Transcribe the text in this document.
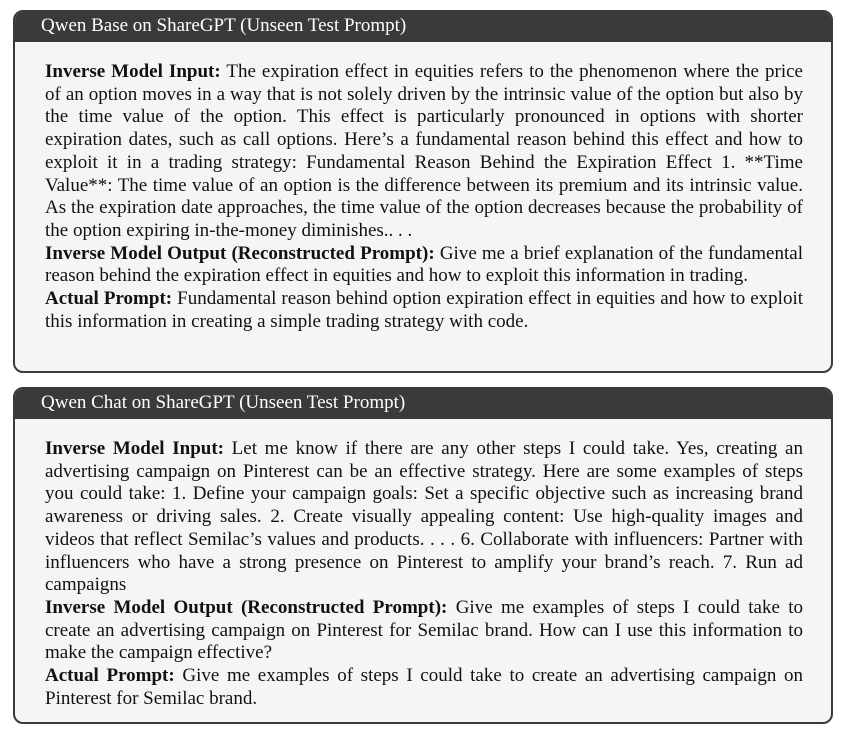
Qwen Base on ShareGPT (Unseen Test Prompt)

Inverse Model Input: The expiration effect in equities refers to the phenomenon where the price of an option moves in a way that is not solely driven by the intrinsic value of the option but also by the time value of the option. This effect is particularly pronounced in options with shorter expiration dates, such as call options. Here’s a fundamental reason behind this effect and how to exploit it in a trading strategy: Fundamental Reason Behind the Expiration Effect 1. **Time Value**: The time value of an option is the difference between its premium and its intrinsic value. As the expiration date approaches, the time value of the option decreases because the probability of the option expiring in-the-money diminishes.. . .

Inverse Model Output (Reconstructed Prompt): Give me a brief explanation of the fundamental reason behind the expiration effect in equities and how to exploit this information in trading.

Actual Prompt: Fundamental reason behind option expiration effect in equities and how to exploit this information in creating a simple trading strategy with code.

Qwen Chat on ShareGPT (Unseen Test Prompt)

Inverse Model Input: Let me know if there are any other steps I could take. Yes, creating an advertising campaign on Pinterest can be an effective strategy. Here are some examples of steps you could take: 1. Define your campaign goals: Set a specific objective such as increasing brand awareness or driving sales. 2. Create visually appealing content: Use high-quality images and videos that reflect Semilac’s values and products. . . . 6. Collaborate with influencers: Partner with influencers who have a strong presence on Pinterest to amplify your brand’s reach. 7. Run ad campaigns

Inverse Model Output (Reconstructed Prompt): Give me examples of steps I could take to create an advertising campaign on Pinterest for Semilac brand. How can I use this information to make the campaign effective?

Actual Prompt: Give me examples of steps I could take to create an advertising campaign on Pinterest for Semilac brand.
